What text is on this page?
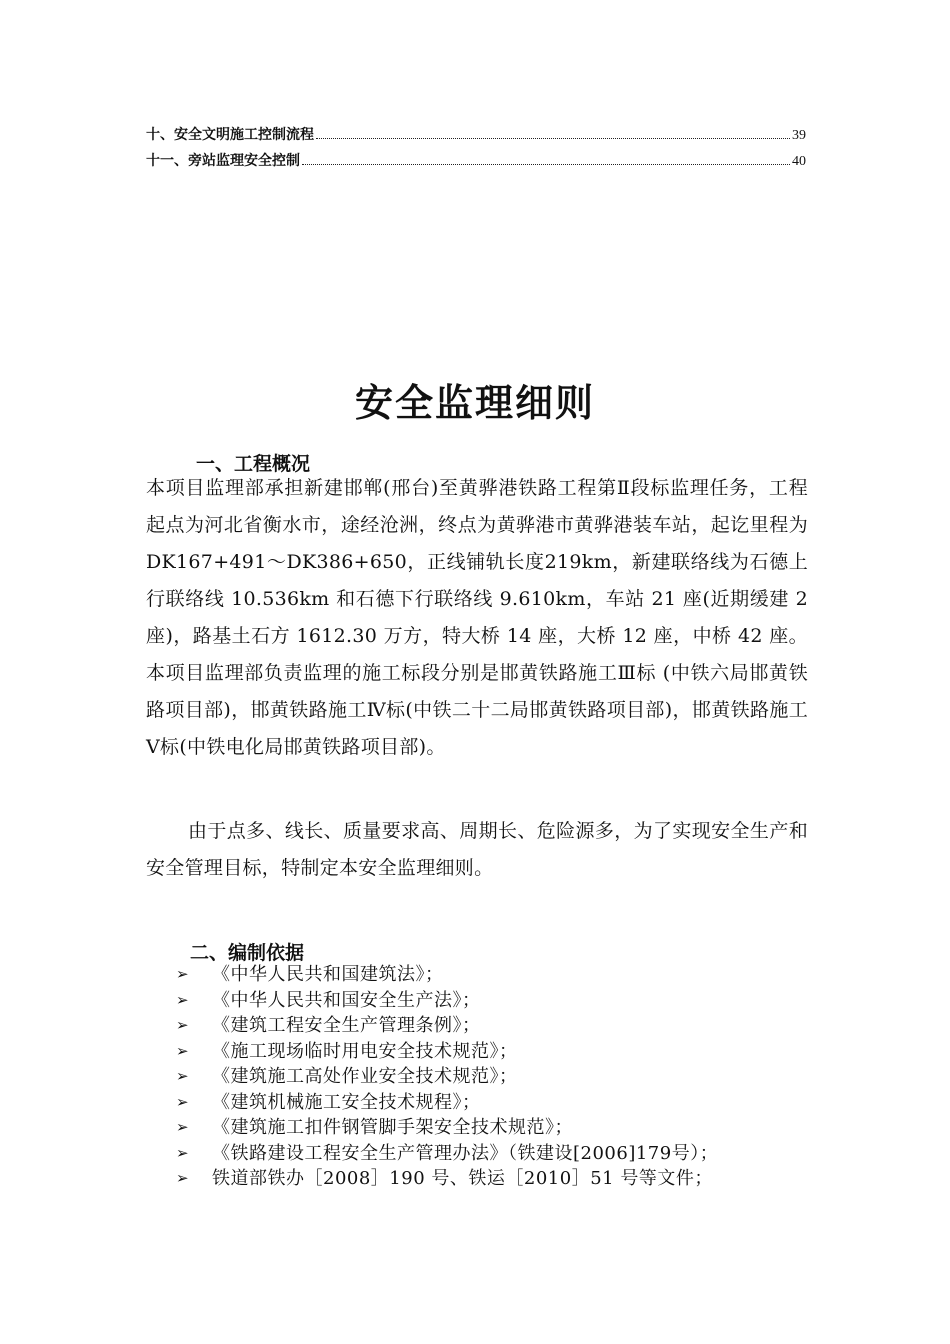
十、安全文明施工控制流程	39
十一、旁站监理安全控制	40
安全监理细则
一、工程概况

本项目监理部承担新建邯郸(邢台)至黄骅港铁路工程第Ⅱ段标监理任务，工程起点为河北省衡水市，途经沧洲，终点为黄骅港市黄骅港装车站，起讫里程为 DK167+491～DK386+650，正线铺轨长度219km，新建联络线为石德上行联络线 10.536km 和石德下行联络线 9.610km，车站 21 座(近期缓建 2 座)，路基土石方 1612.30 万方，特大桥 14 座，大桥 12 座，中桥 42 座。本项目监理部负责监理的施工标段分别是邯黄铁路施工Ⅲ标 (中铁六局邯黄铁路项目部)，邯黄铁路施工Ⅳ标(中铁二十二局邯黄铁路项目部)，邯黄铁路施工Ⅴ标(中铁电化局邯黄铁路项目部)。

由于点多、线长、质量要求高、周期长、危险源多，为了实现安全生产和安全管理目标，特制定本安全监理细则。

二、编制依据
➢	《中华人民共和国建筑法》；
➢	《中华人民共和国安全生产法》；
➢	《建筑工程安全生产管理条例》；
➢	《施工现场临时用电安全技术规范》；
➢	《建筑施工高处作业安全技术规范》；
➢	《建筑机械施工安全技术规程》；
➢	《建筑施工扣件钢管脚手架安全技术规范》；
➢	《铁路建设工程安全生产管理办法》（铁建设[2006]179号）；
➢	铁道部铁办［2008］190 号、铁运［2010］51 号等文件；
